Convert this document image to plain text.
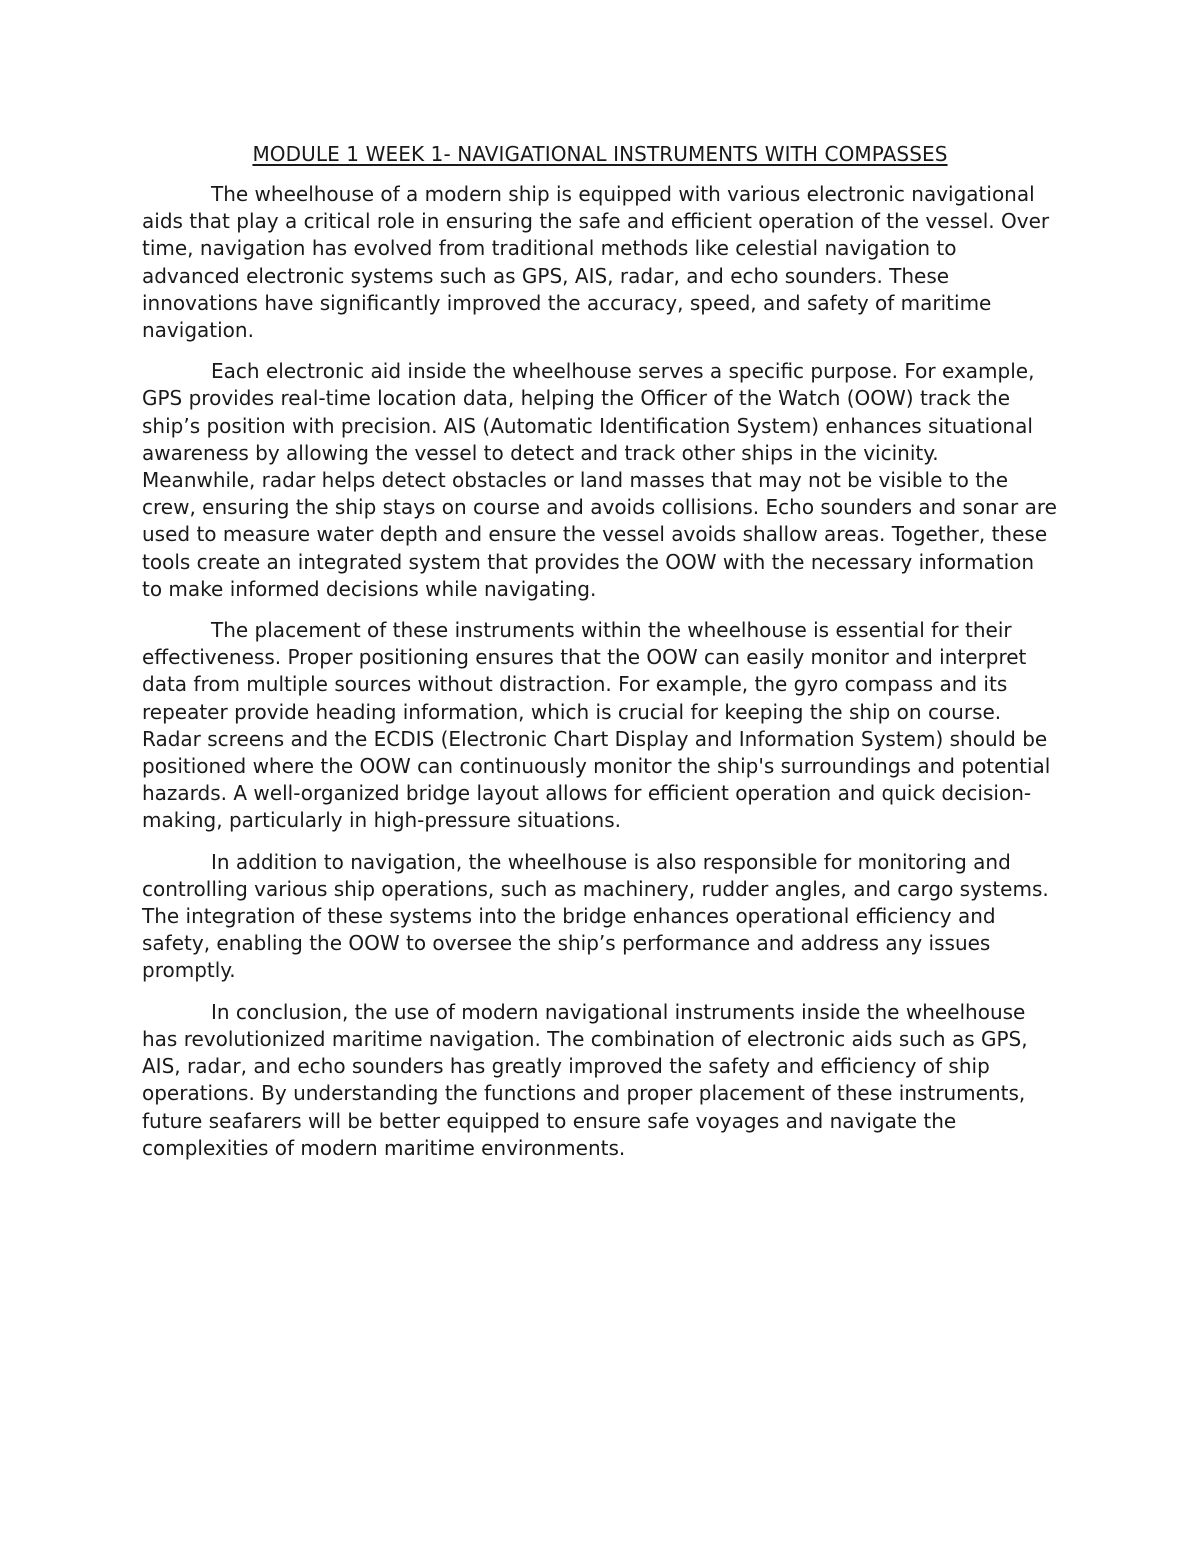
MODULE 1 WEEK 1- NAVIGATIONAL INSTRUMENTS WITH COMPASSES

The wheelhouse of a modern ship is equipped with various electronic navigational aids that play a critical role in ensuring the safe and efficient operation of the vessel. Over time, navigation has evolved from traditional methods like celestial navigation to advanced electronic systems such as GPS, AIS, radar, and echo sounders. These innovations have significantly improved the accuracy, speed, and safety of maritime navigation.

Each electronic aid inside the wheelhouse serves a specific purpose. For example, GPS provides real-time location data, helping the Officer of the Watch (OOW) track the ship’s position with precision. AIS (Automatic Identification System) enhances situational awareness by allowing the vessel to detect and track other ships in the vicinity. Meanwhile, radar helps detect obstacles or land masses that may not be visible to the crew, ensuring the ship stays on course and avoids collisions. Echo sounders and sonar are used to measure water depth and ensure the vessel avoids shallow areas. Together, these tools create an integrated system that provides the OOW with the necessary information to make informed decisions while navigating.

The placement of these instruments within the wheelhouse is essential for their effectiveness. Proper positioning ensures that the OOW can easily monitor and interpret data from multiple sources without distraction. For example, the gyro compass and its repeater provide heading information, which is crucial for keeping the ship on course. Radar screens and the ECDIS (Electronic Chart Display and Information System) should be positioned where the OOW can continuously monitor the ship's surroundings and potential hazards. A well-organized bridge layout allows for efficient operation and quick decision-making, particularly in high-pressure situations.

In addition to navigation, the wheelhouse is also responsible for monitoring and controlling various ship operations, such as machinery, rudder angles, and cargo systems. The integration of these systems into the bridge enhances operational efficiency and safety, enabling the OOW to oversee the ship’s performance and address any issues promptly.

In conclusion, the use of modern navigational instruments inside the wheelhouse has revolutionized maritime navigation. The combination of electronic aids such as GPS, AIS, radar, and echo sounders has greatly improved the safety and efficiency of ship operations. By understanding the functions and proper placement of these instruments, future seafarers will be better equipped to ensure safe voyages and navigate the complexities of modern maritime environments.
